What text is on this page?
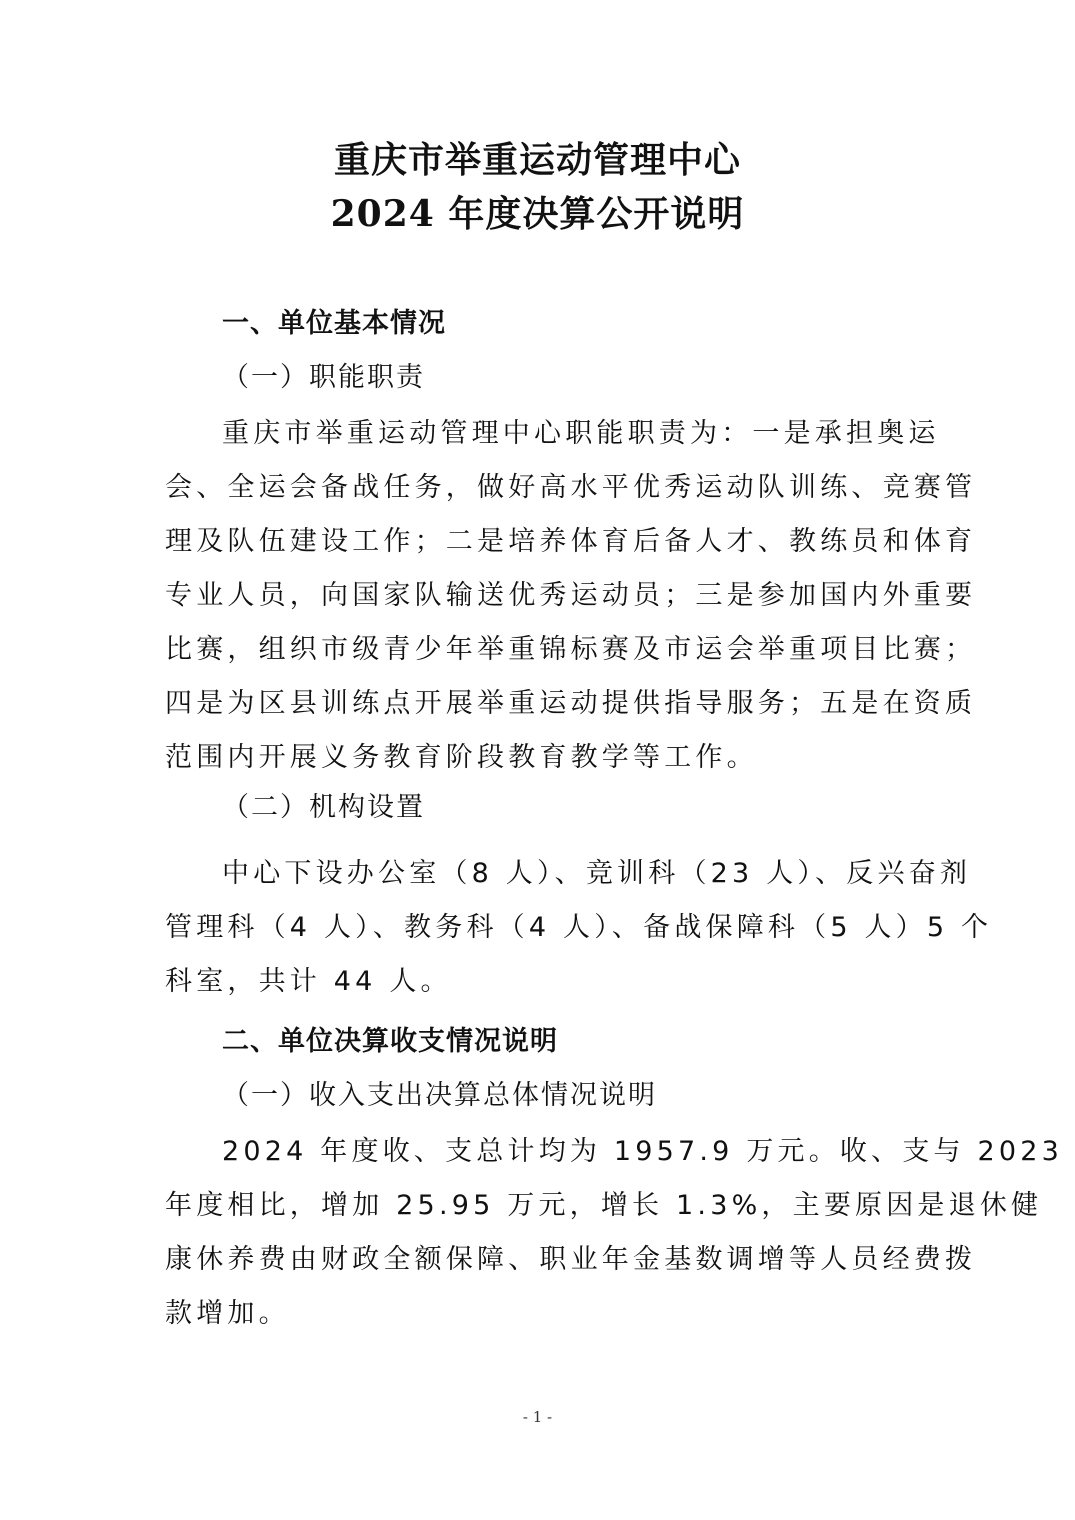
重庆市举重运动管理中心
2024 年度决算公开说明
一、单位基本情况
（一）职能职责
重庆市举重运动管理中心职能职责为：一是承担奥运
会、全运会备战任务，做好高水平优秀运动队训练、竞赛管
理及队伍建设工作；二是培养体育后备人才、教练员和体育
专业人员，向国家队输送优秀运动员；三是参加国内外重要
比赛，组织市级青少年举重锦标赛及市运会举重项目比赛；
四是为区县训练点开展举重运动提供指导服务；五是在资质
范围内开展义务教育阶段教育教学等工作。
（二）机构设置
中心下设办公室（8 人）、竞训科（23 人）、反兴奋剂
管理科（4 人）、教务科（4 人）、备战保障科（5 人）5 个
科室，共计 44 人。
二、单位决算收支情况说明
（一）收入支出决算总体情况说明
2024 年度收、支总计均为 1957.9 万元。收、支与 2023
年度相比，增加 25.95 万元，增长 1.3%，主要原因是退休健
康休养费由财政全额保障、职业年金基数调增等人员经费拨
款增加。
- 1 -
